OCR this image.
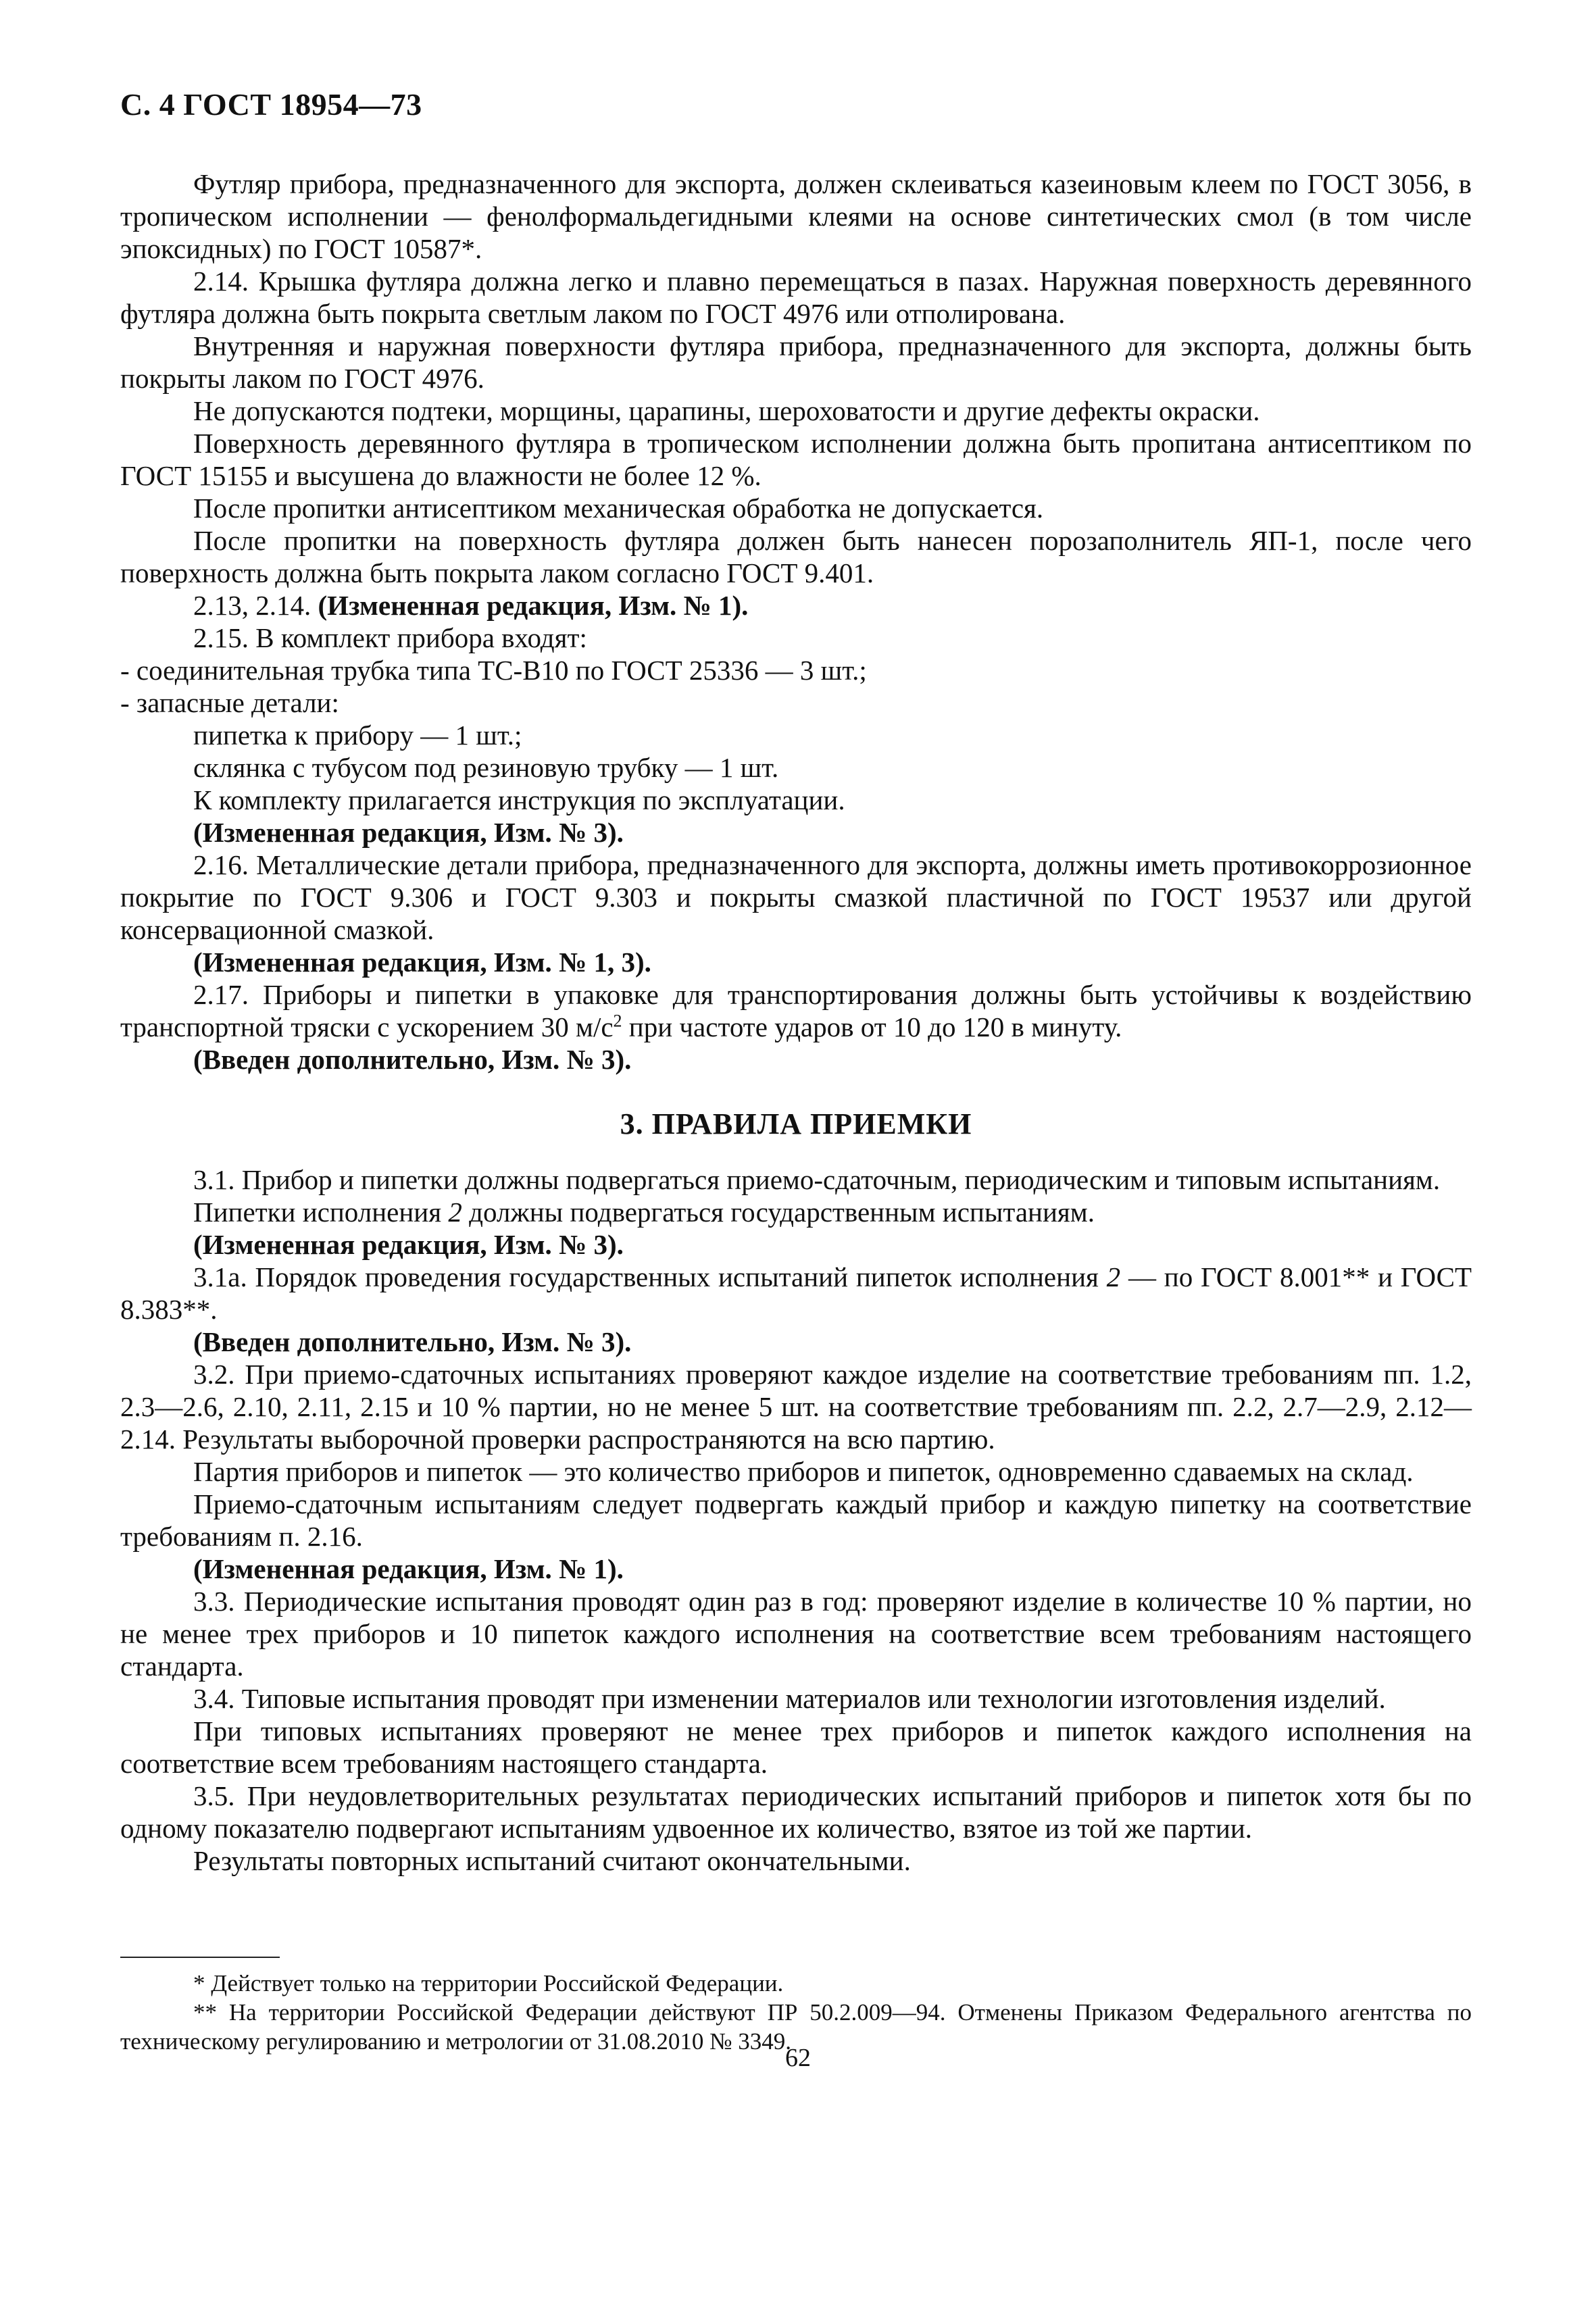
С. 4 ГОСТ 18954—73

Футляр прибора, предназначенного для экспорта, должен склеиваться казеиновым клеем по ГОСТ 3056, в тропическом исполнении — фенолформальдегидными клеями на основе синтетических смол (в том числе эпоксидных) по ГОСТ 10587*.

2.14. Крышка футляра должна легко и плавно перемещаться в пазах. Наружная поверхность деревянного футляра должна быть покрыта светлым лаком по ГОСТ 4976 или отполирована.

Внутренняя и наружная поверхности футляра прибора, предназначенного для экспорта, должны быть покрыты лаком по ГОСТ 4976.

Не допускаются подтеки, морщины, царапины, шероховатости и другие дефекты окраски.

Поверхность деревянного футляра в тропическом исполнении должна быть пропитана антисептиком по ГОСТ 15155 и высушена до влажности не более 12 %.

После пропитки антисептиком механическая обработка не допускается.

После пропитки на поверхность футляра должен быть нанесен порозаполнитель ЯП-1, после чего поверхность должна быть покрыта лаком согласно ГОСТ 9.401.

2.13, 2.14. (Измененная редакция, Изм. № 1).

2.15. В комплект прибора входят:

- соединительная трубка типа ТС-В10 по ГОСТ 25336 — 3 шт.;

- запасные детали:

пипетка к прибору — 1 шт.;

склянка с тубусом под резиновую трубку — 1 шт.

К комплекту прилагается инструкция по эксплуатации.

(Измененная редакция, Изм. № 3).

2.16. Металлические детали прибора, предназначенного для экспорта, должны иметь противокоррозионное покрытие по ГОСТ 9.306 и ГОСТ 9.303 и покрыты смазкой пластичной по ГОСТ 19537 или другой консервационной смазкой.

(Измененная редакция, Изм. № 1, 3).

2.17. Приборы и пипетки в упаковке для транспортирования должны быть устойчивы к воздействию транспортной тряски с ускорением 30 $м/с^2$ при частоте ударов от 10 до 120 в минуту.

(Введен дополнительно, Изм. № 3).

3. ПРАВИЛА ПРИЕМКИ

3.1. Прибор и пипетки должны подвергаться приемо-сдаточным, периодическим и типовым испытаниям.

Пипетки исполнения 2 должны подвергаться государственным испытаниям.

(Измененная редакция, Изм. № 3).

3.1а. Порядок проведения государственных испытаний пипеток исполнения 2 — по ГОСТ 8.001** и ГОСТ 8.383**.

(Введен дополнительно, Изм. № 3).

3.2. При приемо-сдаточных испытаниях проверяют каждое изделие на соответствие требованиям пп. 1.2, 2.3—2.6, 2.10, 2.11, 2.15 и 10 % партии, но не менее 5 шт. на соответствие требованиям пп. 2.2, 2.7—2.9, 2.12—2.14. Результаты выборочной проверки распространяются на всю партию.

Партия приборов и пипеток — это количество приборов и пипеток, одновременно сдаваемых на склад.

Приемо-сдаточным испытаниям следует подвергать каждый прибор и каждую пипетку на соответствие требованиям п. 2.16.

(Измененная редакция, Изм. № 1).

3.3. Периодические испытания проводят один раз в год: проверяют изделие в количестве 10 % партии, но не менее трех приборов и 10 пипеток каждого исполнения на соответствие всем требованиям настоящего стандарта.

3.4. Типовые испытания проводят при изменении материалов или технологии изготовления изделий.

При типовых испытаниях проверяют не менее трех приборов и пипеток каждого исполнения на соответствие всем требованиям настоящего стандарта.

3.5. При неудовлетворительных результатах периодических испытаний приборов и пипеток хотя бы по одному показателю подвергают испытаниям удвоенное их количество, взятое из той же партии.

Результаты повторных испытаний считают окончательными.

* Действует только на территории Российской Федерации.

** На территории Российской Федерации действуют ПР 50.2.009—94. Отменены Приказом Федерального агентства по техническому регулированию и метрологии от 31.08.2010 № 3349.

62
